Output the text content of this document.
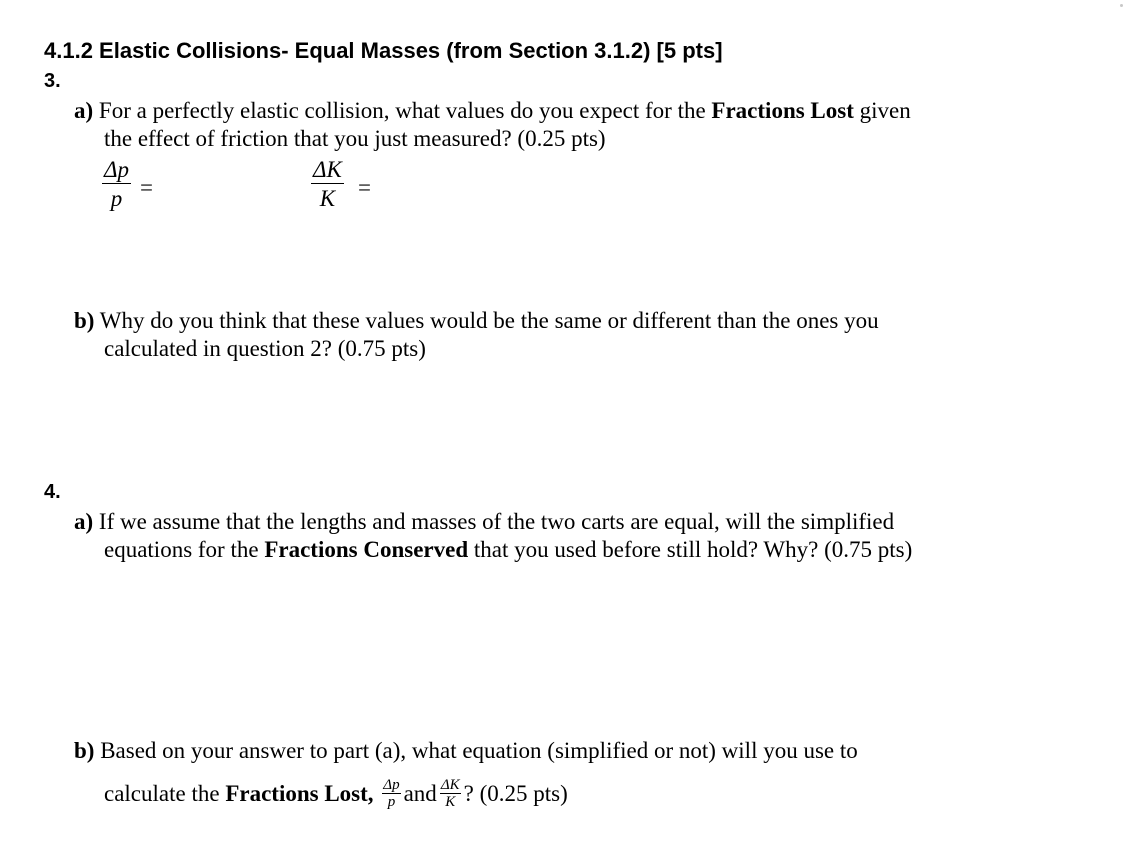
4.1.2 Elastic Collisions- Equal Masses (from Section 3.1.2) [5 pts]
3.
a) For a perfectly elastic collision, what values do you expect for the Fractions Lost given
the effect of friction that you just measured? (0.25 pts)
$\frac{\Delta p}{p}$ =	$\frac{\Delta K}{K}$ =
b) Why do you think that these values would be the same or different than the ones you
calculated in question 2? (0.75 pts)
4.
a) If we assume that the lengths and masses of the two carts are equal, will the simplified
equations for the Fractions Conserved that you used before still hold? Why? (0.75 pts)
b) Based on your answer to part (a), what equation (simplified or not) will you use to
calculate the Fractions Lost, $\frac{\Delta p}{p}$ and $\frac{\Delta K}{K}$ ? (0.25 pts)
